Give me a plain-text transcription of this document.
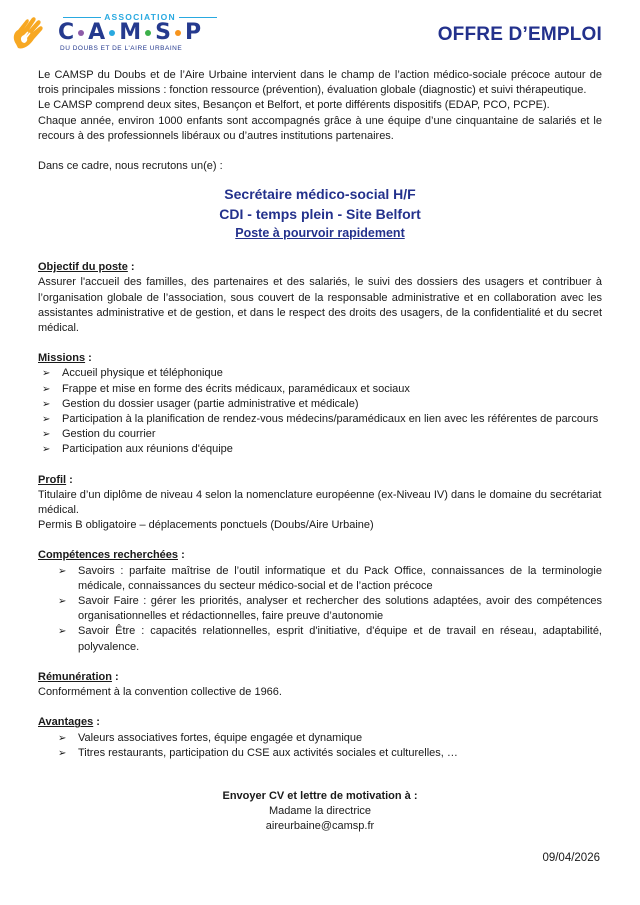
ASSOCIATION
C A M S P
DU DOUBS ET DE L'AIRE URBAINE
OFFRE D’EMPLOI

Le CAMSP du Doubs et de l’Aire Urbaine intervient dans le champ de l’action médico-sociale précoce autour de trois principales missions : fonction ressource (prévention), évaluation globale (diagnostic) et suivi thérapeutique.

Le CAMSP comprend deux sites, Besançon et Belfort, et porte différents dispositifs (EDAP, PCO, PCPE).

Chaque année, environ 1000 enfants sont accompagnés grâce à une équipe d’une cinquantaine de salariés et le recours à des professionnels libéraux ou d’autres institutions partenaires.

Dans ce cadre, nous recrutons un(e) :

Secrétaire médico-social H/F
CDI - temps plein - Site Belfort
Poste à pourvoir rapidement
Objectif du poste :

Assurer l'accueil des familles, des partenaires et des salariés, le suivi des dossiers des usagers et contribuer à l’organisation globale de l’association, sous couvert de la responsable administrative et en collaboration avec les assistantes administrative et de gestion, et dans le respect des droits des usagers, de la confidentialité et du secret médical.

Missions :
➢ Accueil physique et téléphonique
➢ Frappe et mise en forme des écrits médicaux, paramédicaux et sociaux
➢ Gestion du dossier usager (partie administrative et médicale)
➢ Participation à la planification de rendez-vous médecins/paramédicaux en lien avec les référentes de parcours
➢ Gestion du courrier
➢ Participation aux réunions d'équipe
Profil :

Titulaire d’un diplôme de niveau 4 selon la nomenclature européenne (ex-Niveau IV) dans le domaine du secrétariat médical.

Permis B obligatoire – déplacements ponctuels (Doubs/Aire Urbaine)

Compétences recherchées :
➢ Savoirs : parfaite maîtrise de l’outil informatique et du Pack Office, connaissances de la terminologie médicale, connaissances du secteur médico-social et de l’action précoce
➢ Savoir Faire : gérer les priorités, analyser et rechercher des solutions adaptées, avoir des compétences organisationnelles et rédactionnelles, faire preuve d’autonomie
➢ Savoir Être : capacités relationnelles, esprit d'initiative, d'équipe et de travail en réseau, adaptabilité, polyvalence.
Rémunération :

Conformément à la convention collective de 1966.

Avantages :
➢ Valeurs associatives fortes, équipe engagée et dynamique
➢ Titres restaurants, participation du CSE aux activités sociales et culturelles, …
Envoyer CV et lettre de motivation à :
Madame la directrice
aireurbaine@camsp.fr
09/04/2026
